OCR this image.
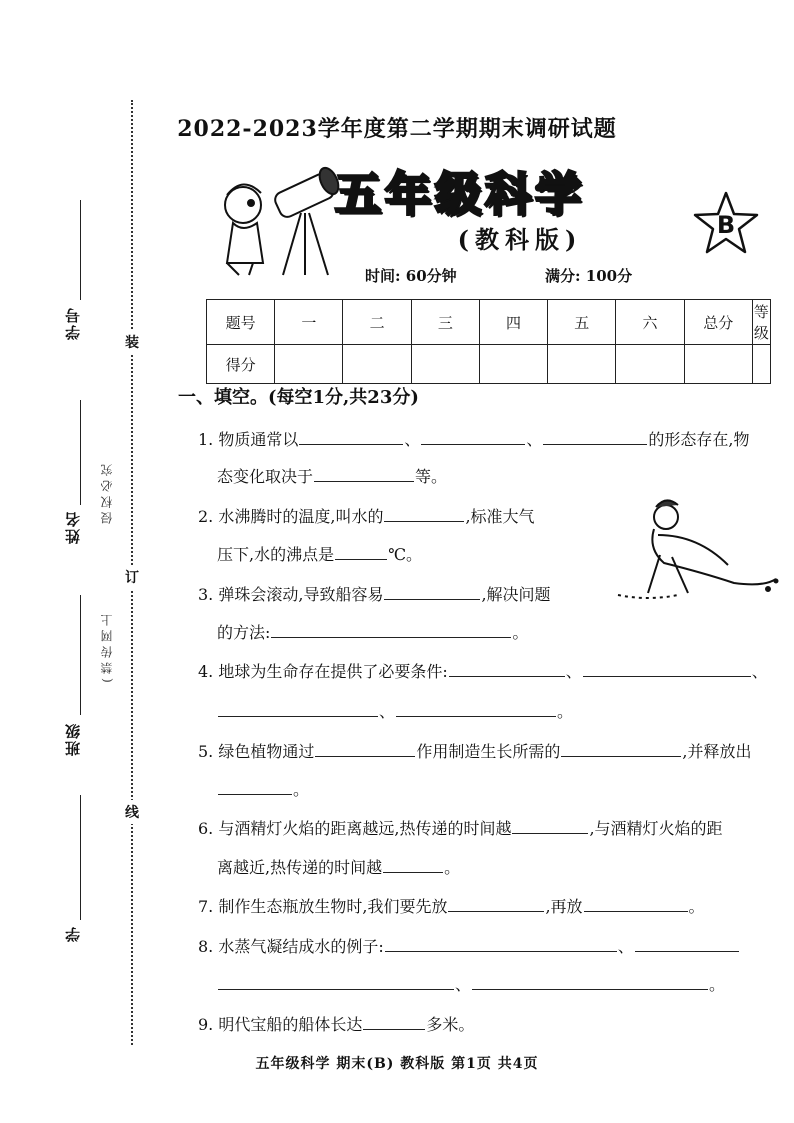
装
订
线
学号
姓名
班级
学
侵权必究
(禁传网上
2022-2023学年度第二学期期末调研试题
五年级科学
(教科版)	B
时间: 60分钟	满分: 100分
题号	一	二	三	四	五	六	总分	等级
得分								
一、填空。(每空1分,共23分)
1. 物质通常以	、	、	的形态存在,物
态变化取决于	等。
2. 水沸腾时的温度,叫水的	,标准大气
压下,水的沸点是	℃。
3. 弹珠会滚动,导致船容易	,解决问题
的方法:	。
4. 地球为生命存在提供了必要条件:	、	、
、	。
5. 绿色植物通过	作用制造生长所需的	,并释放出
。
6. 与酒精灯火焰的距离越远,热传递的时间越	,与酒精灯火焰的距
离越近,热传递的时间越	。
7. 制作生态瓶放生物时,我们要先放	,再放	。
8. 水蒸气凝结成水的例子:	、
、	。
9. 明代宝船的船体长达	多米。
五年级科学 期末(B) 教科版 第1页 共4页
